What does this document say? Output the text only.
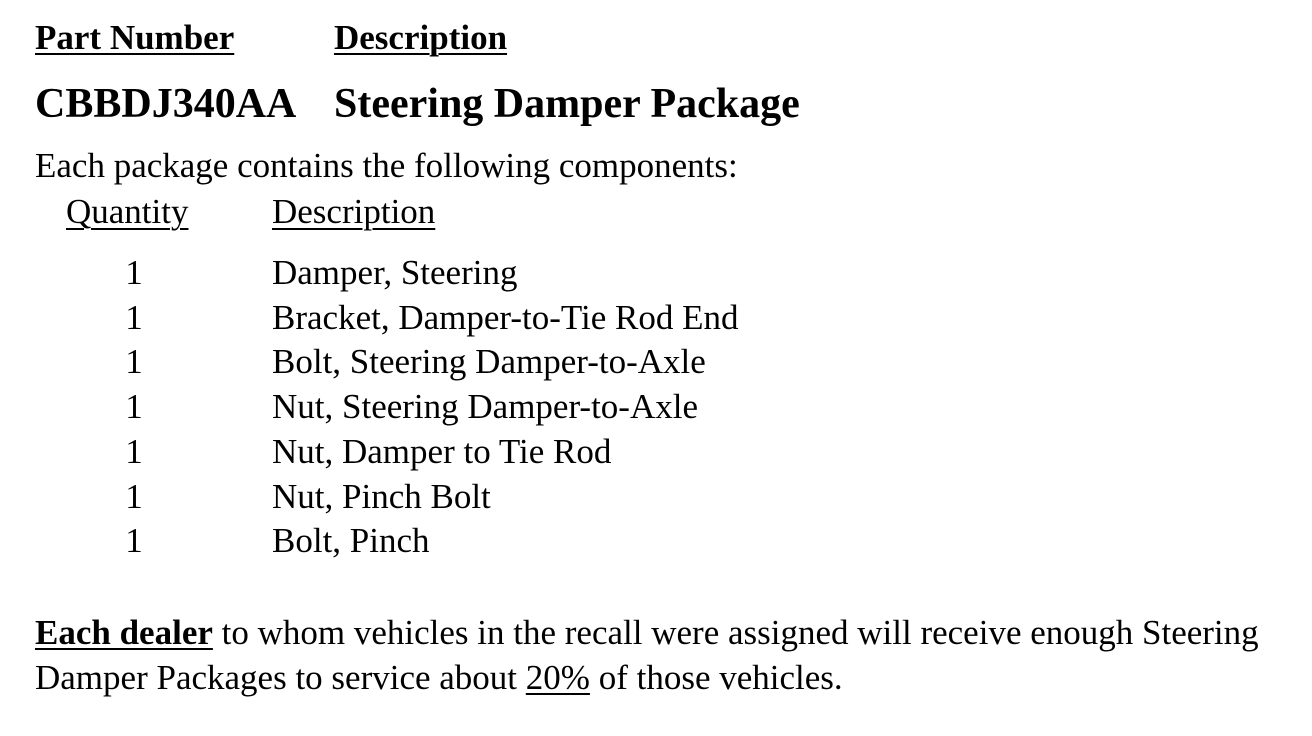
Part Number	Description
CBBDJ340AA Steering Damper Package
Each package contains the following components:
Quantity Description
1	Damper, Steering
1	Bracket, Damper-to-Tie Rod End
1	Bolt, Steering Damper-to-Axle
1	Nut, Steering Damper-to-Axle
1	Nut, Damper to Tie Rod
1	Nut, Pinch Bolt
1	Bolt, Pinch
Each dealer to whom vehicles in the recall were assigned will receive enough Steering Damper Packages to service about 20% of those vehicles.
